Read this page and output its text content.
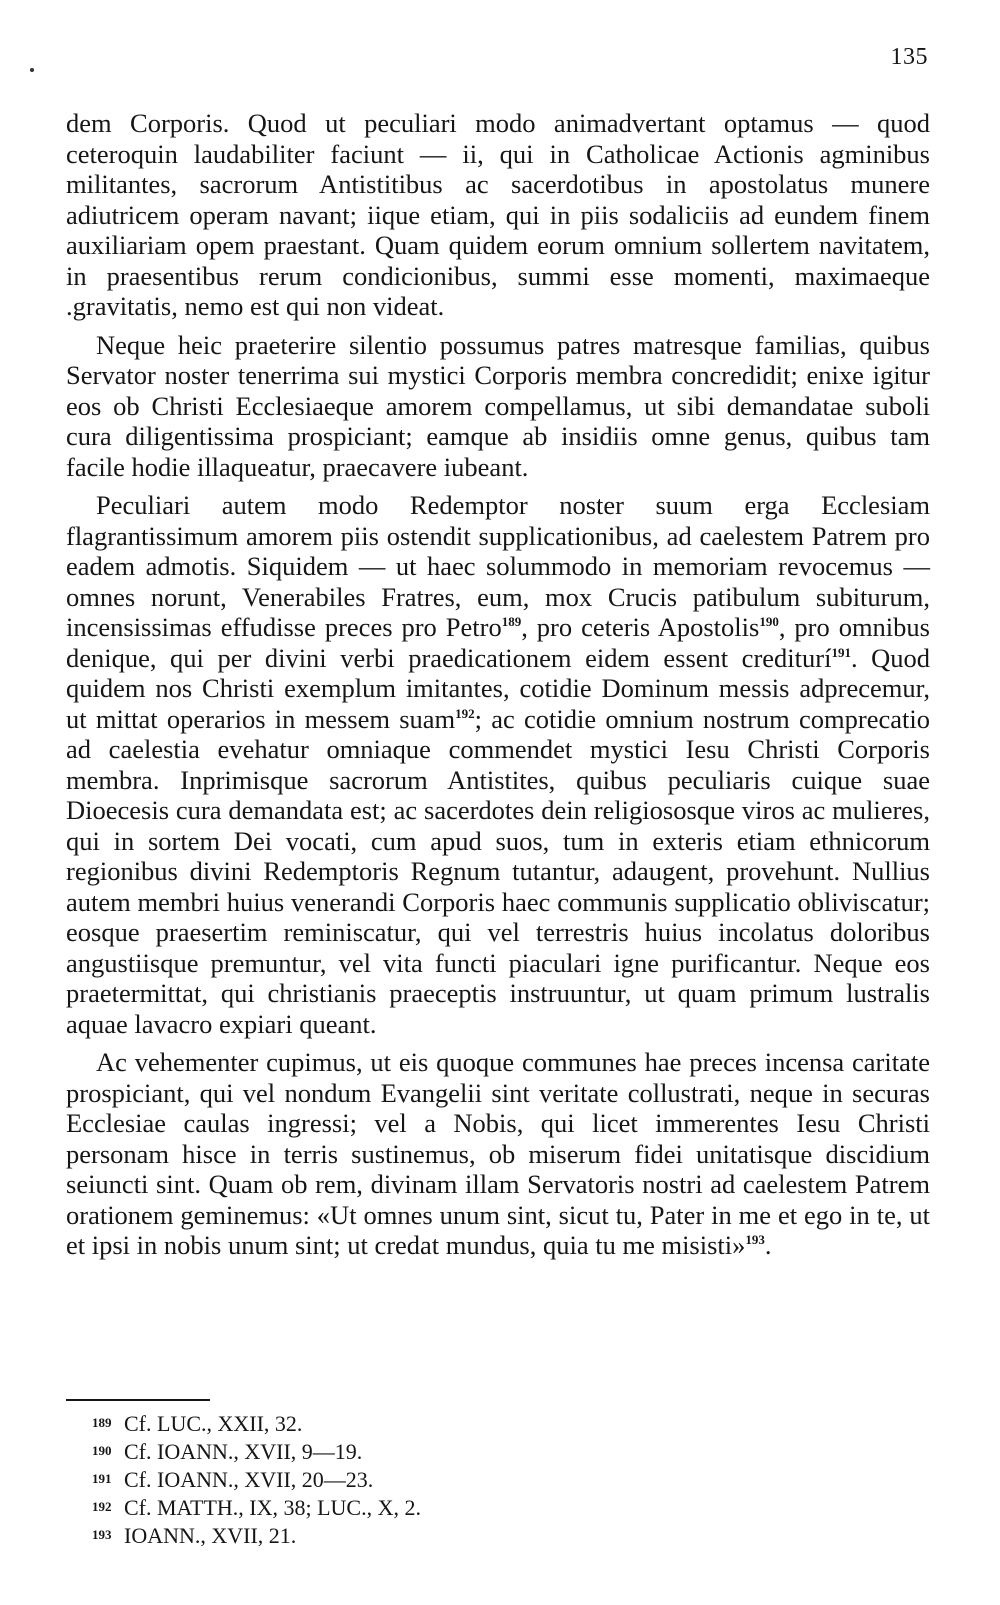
135

dem Corporis. Quod ut peculiari modo animadvertant optamus — quod ceteroquin laudabiliter faciunt — ii, qui in Catholicae Actionis agminibus militantes, sacrorum Antistitibus ac sacerdotibus in apostolatus munere adiutricem operam navant; iique etiam, qui in piis sodaliciis ad eundem finem auxiliariam opem praestant. Quam quidem eorum omnium sollertem navitatem, in praesentibus rerum condicionibus, summi esse momenti, maximaeque .gravitatis, nemo est qui non videat.

Neque heic praeterire silentio possumus patres matresque familias, quibus Servator noster tenerrima sui mystici Corporis membra concredidit; enixe igitur eos ob Christi Ecclesiaeque amorem compellamus, ut sibi demandatae suboli cura diligentissima prospiciant; eamque ab insidiis omne genus, quibus tam facile hodie illaqueatur, praecavere iubeant.

Peculiari autem modo Redemptor noster suum erga Ecclesiam flagrantissimum amorem piis ostendit supplicationibus, ad caelestem Patrem pro eadem admotis. Siquidem — ut haec solummodo in memoriam revocemus — omnes norunt, Venerabiles Fratres, eum, mox Crucis patibulum subiturum, incensissimas effudisse preces pro Petro$^{189}$, pro ceteris Apostolis$^{190}$, pro omnibus denique, qui per divini verbi praedicationem eidem essent crediturí$^{191}$. Quod quidem nos Christi exemplum imitantes, cotidie Dominum messis adprecemur, ut mittat operarios in messem suam$^{192}$; ac cotidie omnium nostrum comprecatio ad caelestia evehatur omniaque commendet mystici Iesu Christi Corporis membra. Inprimisque sacrorum Antistites, quibus peculiaris cuique suae Dioecesis cura demandata est; ac sacerdotes dein religiososque viros ac mulieres, qui in sortem Dei vocati, cum apud suos, tum in exteris etiam ethnicorum regionibus divini Redemptoris Regnum tutantur, adaugent, provehunt. Nullius autem membri huius venerandi Corporis haec communis supplicatio obliviscatur; eosque praesertim reminiscatur, qui vel terrestris huius incolatus doloribus angustiisque premuntur, vel vita functi piaculari igne purificantur. Neque eos praetermittat, qui christianis praeceptis instruuntur, ut quam primum lustralis aquae lavacro expiari queant.

Ac vehementer cupimus, ut eis quoque communes hae preces incensa caritate prospiciant, qui vel nondum Evangelii sint veritate collustrati, neque in securas Ecclesiae caulas ingressi; vel a Nobis, qui licet immerentes Iesu Christi personam hisce in terris sustinemus, ob miserum fidei unitatisque discidium seiuncti sint. Quam ob rem, divinam illam Servatoris nostri ad caelestem Patrem orationem geminemus: «Ut omnes unum sint, sicut tu, Pater in me et ego in te, ut et ipsi in nobis unum sint; ut credat mundus, quia tu me misisti»$^{193}$.

189 Cf. LUC., XXII, 32.
190 Cf. IOANN., XVII, 9—19.
191 Cf. IOANN., XVII, 20—23.
192 Cf. MATTH., IX, 38; LUC., X, 2.
193 IOANN., XVII, 21.
